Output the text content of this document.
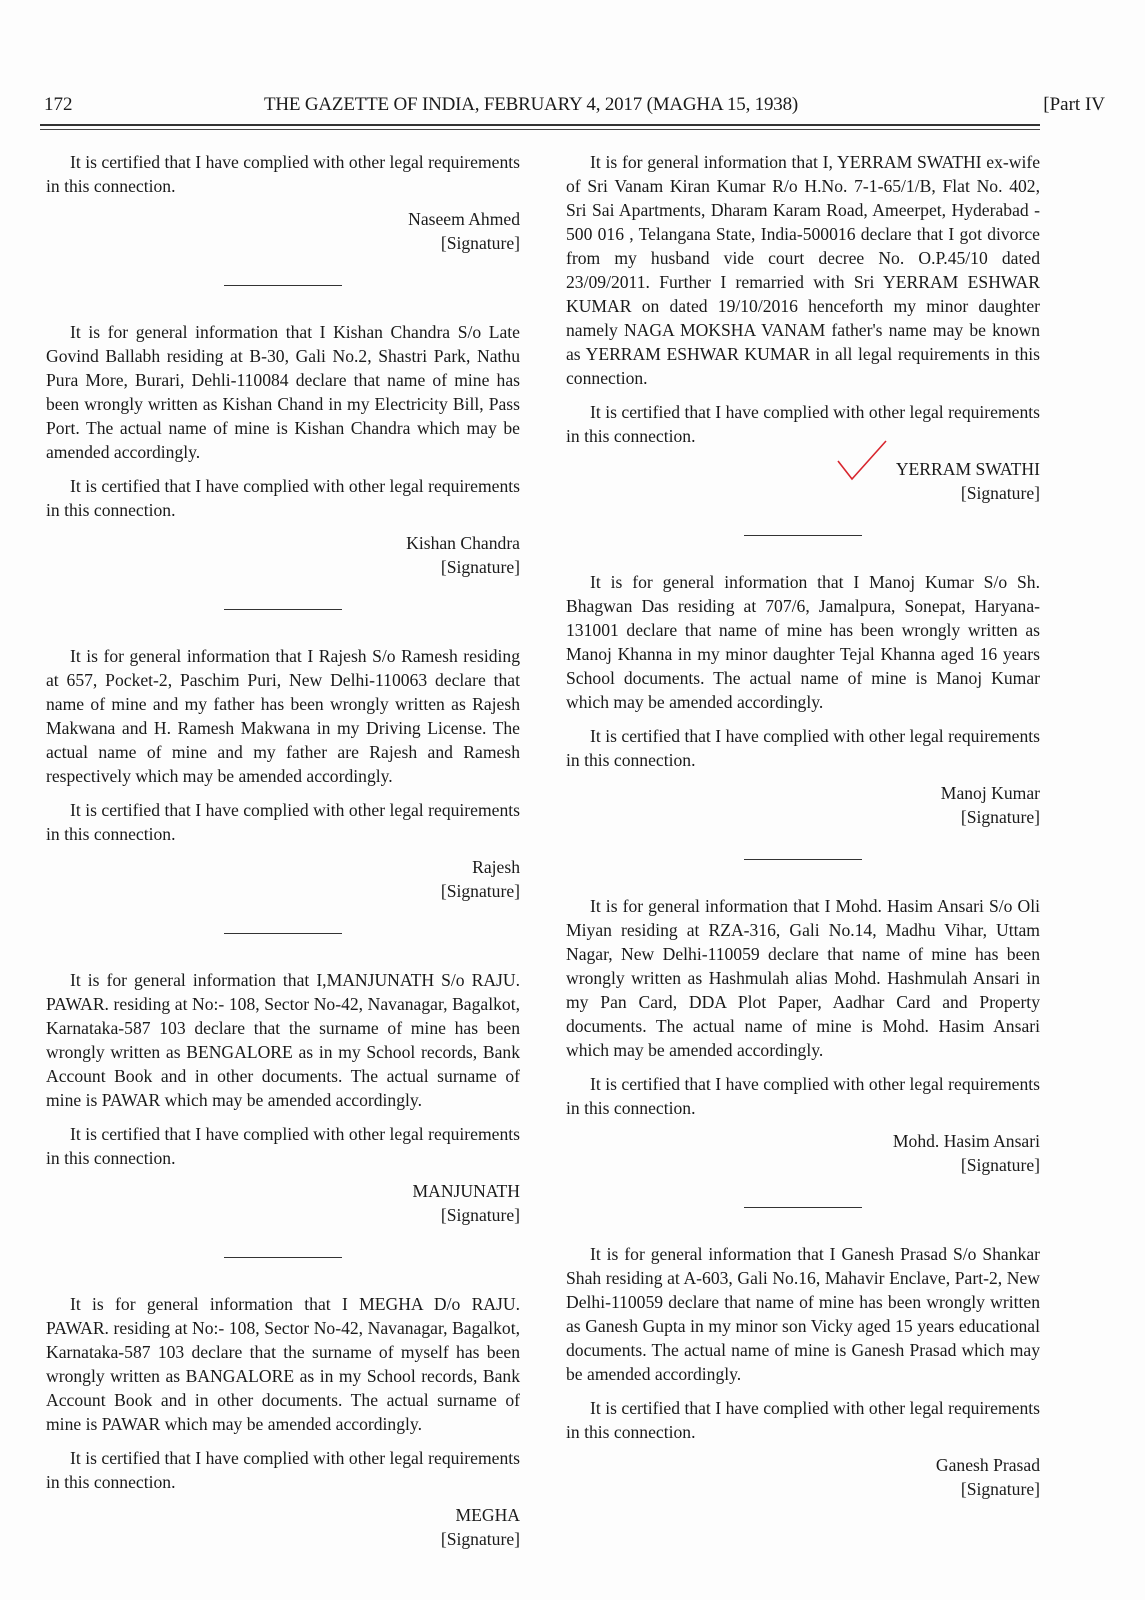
172	THE GAZETTE OF INDIA, FEBRUARY 4, 2017 (MAGHA 15, 1938)	[Part IV

It is certified that I have complied with other legal requirements in this connection.

Naseem Ahmed
[Signature]

It is for general information that I Kishan Chandra S/o Late Govind Ballabh residing at B-30, Gali No.2, Shastri Park, Nathu Pura More, Burari, Dehli-110084 declare that name of mine has been wrongly written as Kishan Chand in my Electricity Bill, Pass Port. The actual name of mine is Kishan Chandra which may be amended accordingly.

It is certified that I have complied with other legal requirements in this connection.

Kishan Chandra
[Signature]

It is for general information that I Rajesh S/o Ramesh residing at 657, Pocket-2, Paschim Puri, New Delhi-110063 declare that name of mine and my father has been wrongly written as Rajesh Makwana and H. Ramesh Makwana in my Driving License. The actual name of mine and my father are Rajesh and Ramesh respectively which may be amended accordingly.

It is certified that I have complied with other legal requirements in this connection.

Rajesh
[Signature]

It is for general information that I,MANJUNATH S/o RAJU. PAWAR. residing at No:- 108, Sector No-42, Navanagar, Bagalkot, Karnataka-587 103 declare that the surname of mine has been wrongly written as BENGALORE as in my School records, Bank Account Book and in other documents. The actual surname of mine is PAWAR which may be amended accordingly.

It is certified that I have complied with other legal requirements in this connection.

MANJUNATH
[Signature]

It is for general information that I MEGHA D/o RAJU. PAWAR. residing at No:- 108, Sector No-42, Navanagar, Bagalkot, Karnataka-587 103 declare that the surname of myself has been wrongly written as BANGALORE as in my School records, Bank Account Book and in other documents. The actual surname of mine is PAWAR which may be amended accordingly.

It is certified that I have complied with other legal requirements in this connection.

MEGHA
[Signature]

It is for general information that I, YERRAM SWATHI ex-wife of Sri Vanam Kiran Kumar R/o H.No. 7-1-65/1/B, Flat No. 402, Sri Sai Apartments, Dharam Karam Road, Ameerpet, Hyderabad - 500 016 , Telangana State, India-500016 declare that I got divorce from my husband vide court decree No. O.P.45/10 dated 23/09/2011. Further I remarried with Sri YERRAM ESHWAR KUMAR on dated 19/10/2016 henceforth my minor daughter namely NAGA MOKSHA VANAM father's name may be known as YERRAM ESHWAR KUMAR in all legal requirements in this connection.

It is certified that I have complied with other legal requirements in this connection.

YERRAM SWATHI
[Signature]

It is for general information that I Manoj Kumar S/o Sh. Bhagwan Das residing at 707/6, Jamalpura, Sonepat, Haryana-131001 declare that name of mine has been wrongly written as Manoj Khanna in my minor daughter Tejal Khanna aged 16 years School documents. The actual name of mine is Manoj Kumar which may be amended accordingly.

It is certified that I have complied with other legal requirements in this connection.

Manoj Kumar
[Signature]

It is for general information that I Mohd. Hasim Ansari S/o Oli Miyan residing at RZA-316, Gali No.14, Madhu Vihar, Uttam Nagar, New Delhi-110059 declare that name of mine has been wrongly written as Hashmulah alias Mohd. Hashmulah Ansari in my Pan Card, DDA Plot Paper, Aadhar Card and Property documents. The actual name of mine is Mohd. Hasim Ansari which may be amended accordingly.

It is certified that I have complied with other legal requirements in this connection.

Mohd. Hasim Ansari
[Signature]

It is for general information that I Ganesh Prasad S/o Shankar Shah residing at A-603, Gali No.16, Mahavir Enclave, Part-2, New Delhi-110059 declare that name of mine has been wrongly written as Ganesh Gupta in my minor son Vicky aged 15 years educational documents. The actual name of mine is Ganesh Prasad which may be amended accordingly.

It is certified that I have complied with other legal requirements in this connection.

Ganesh Prasad
[Signature]
